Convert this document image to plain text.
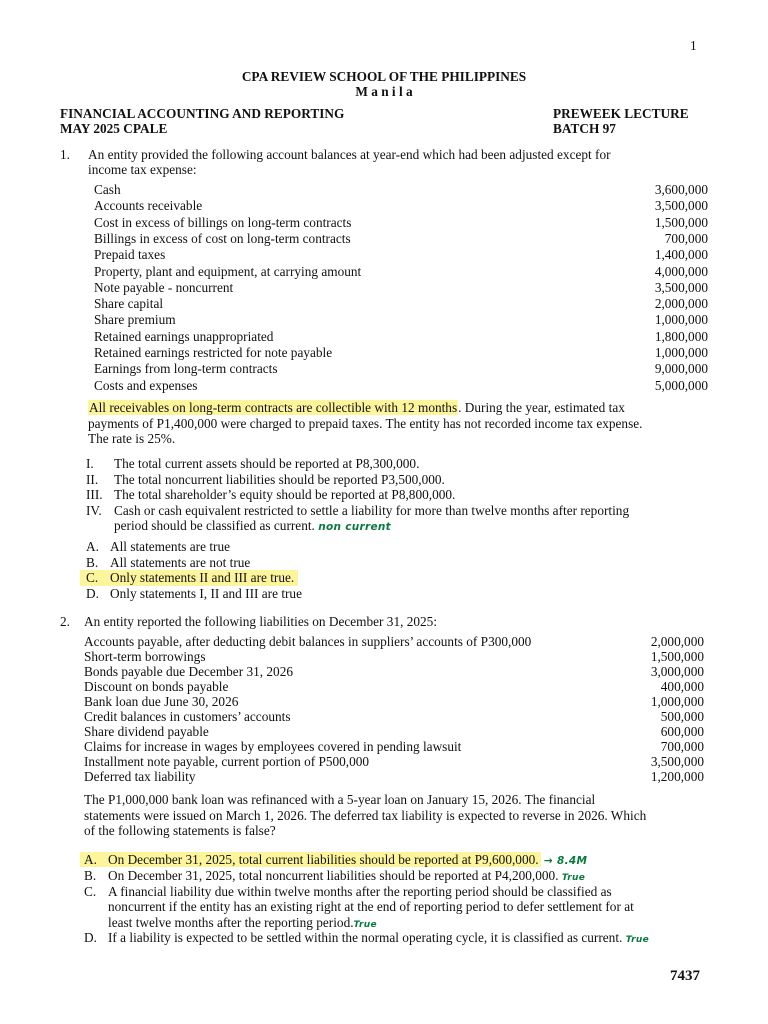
1
CPA REVIEW SCHOOL OF THE PHILIPPINES
M a n i l a
FINANCIAL ACCOUNTING AND REPORTING
MAY 2025 CPALE
PREWEEK LECTURE
BATCH 97
1. An entity provided the following account balances at year-end which had been adjusted except for
income tax expense:
Cash	3,600,000
Accounts receivable	3,500,000
Cost in excess of billings on long-term contracts	1,500,000
Billings in excess of cost on long-term contracts	700,000
Prepaid taxes	1,400,000
Property, plant and equipment, at carrying amount	4,000,000
Note payable - noncurrent	3,500,000
Share capital	2,000,000
Share premium	1,000,000
Retained earnings unappropriated	1,800,000
Retained earnings restricted for note payable	1,000,000
Earnings from long-term contracts	9,000,000
Costs and expenses	5,000,000
All receivables on long-term contracts are collectible with 12 months. During the year, estimated tax
payments of P1,400,000 were charged to prepaid taxes. The entity has not recorded income tax expense.
The rate is 25%.
I.	The total current assets should be reported at P8,300,000.
II.	The total noncurrent liabilities should be reported P3,500,000.
III. The total shareholder’s equity should be reported at P8,800,000.
IV. Cash or cash equivalent restricted to settle a liability for more than twelve months after reporting
period should be classified as current. non current
A. All statements are true
B. All statements are not true
C. Only statements II and III are true.
D. Only statements I, II and III are true
2. An entity reported the following liabilities on December 31, 2025:
Accounts payable, after deducting debit balances in suppliers’ accounts of P300,000	2,000,000
Short-term borrowings	1,500,000
Bonds payable due December 31, 2026	3,000,000
Discount on bonds payable	400,000
Bank loan due June 30, 2026	1,000,000
Credit balances in customers’ accounts	500,000
Share dividend payable	600,000
Claims for increase in wages by employees covered in pending lawsuit	700,000
Installment note payable, current portion of P500,000	3,500,000
Deferred tax liability	1,200,000
The P1,000,000 bank loan was refinanced with a 5-year loan on January 15, 2026. The financial
statements were issued on March 1, 2026. The deferred tax liability is expected to reverse in 2026. Which
of the following statements is false?
A. On December 31, 2025, total current liabilities should be reported at P9,600,000. → 8.4M
B. On December 31, 2025, total noncurrent liabilities should be reported at P4,200,000. True
C. A financial liability due within twelve months after the reporting period should be classified as
noncurrent if the entity has an existing right at the end of reporting period to defer settlement for at
least twelve months after the reporting period.True
D. If a liability is expected to be settled within the normal operating cycle, it is classified as current. True
7437
